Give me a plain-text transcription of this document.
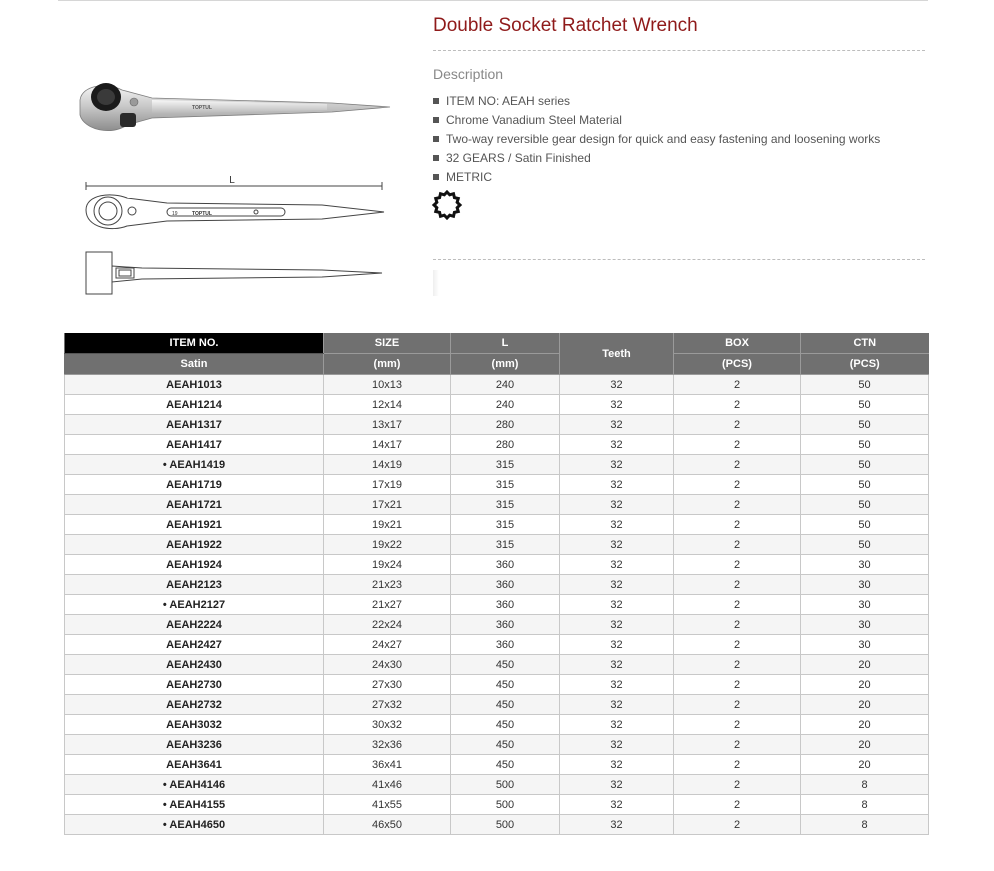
TOPTUL
L
TOPTUL
19
Double Socket Ratchet Wrench
Description
ITEM NO: AEAH series
Chrome Vanadium Steel Material
Two-way reversible gear design for quick and easy fastening and loosening works
32 GEARS / Satin Finished
METRIC
ITEM NO.	SIZE	L	Teeth	BOX	CTN
Satin	(mm)	(mm)		(PCS)	(PCS)
AEAH1013	10x13	240	32	2	50
AEAH1214	12x14	240	32	2	50
AEAH1317	13x17	280	32	2	50
AEAH1417	14x17	280	32	2	50
• AEAH1419	14x19	315	32	2	50
AEAH1719	17x19	315	32	2	50
AEAH1721	17x21	315	32	2	50
AEAH1921	19x21	315	32	2	50
AEAH1922	19x22	315	32	2	50
AEAH1924	19x24	360	32	2	30
AEAH2123	21x23	360	32	2	30
• AEAH2127	21x27	360	32	2	30
AEAH2224	22x24	360	32	2	30
AEAH2427	24x27	360	32	2	30
AEAH2430	24x30	450	32	2	20
AEAH2730	27x30	450	32	2	20
AEAH2732	27x32	450	32	2	20
AEAH3032	30x32	450	32	2	20
AEAH3236	32x36	450	32	2	20
AEAH3641	36x41	450	32	2	20
• AEAH4146	41x46	500	32	2	8
• AEAH4155	41x55	500	32	2	8
• AEAH4650	46x50	500	32	2	8
